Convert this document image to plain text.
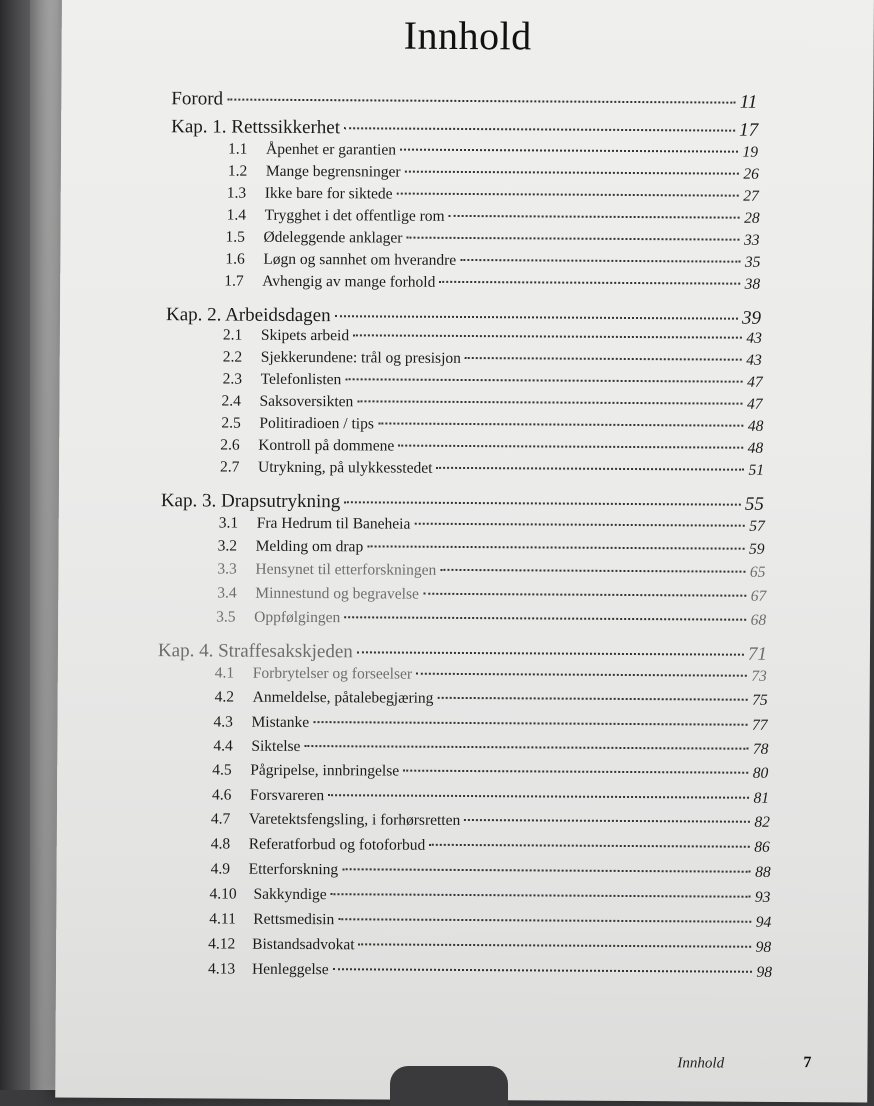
Innhold
Forord	11
Kap. 1. Rettssikkerhet	17
1.1	Åpenhet er garantien	19
1.2	Mange begrensninger	26
1.3	Ikke bare for siktede	27
1.4	Trygghet i det offentlige rom	28
1.5	Ødeleggende anklager	33
1.6	Løgn og sannhet om hverandre	35
1.7	Avhengig av mange forhold	38
Kap. 2. Arbeidsdagen	39
2.1	Skipets arbeid	43
2.2	Sjekkerundene: trål og presisjon	43
2.3	Telefonlisten	47
2.4	Saksoversikten	47
2.5	Politiradioen / tips	48
2.6	Kontroll på dommene	48
2.7	Utrykning, på ulykkesstedet	51
Kap. 3. Drapsutrykning	55
3.1	Fra Hedrum til Baneheia	57
3.2	Melding om drap	59
3.3	Hensynet til etterforskningen	65
3.4	Minnestund og begravelse	67
3.5	Oppfølgingen	68
Kap. 4. Straffesakskjeden	71
4.1	Forbrytelser og forseelser	73
4.2	Anmeldelse, påtalebegjæring	75
4.3	Mistanke	77
4.4	Siktelse	78
4.5	Pågripelse, innbringelse	80
4.6	Forsvareren	81
4.7	Varetektsfengsling, i forhørsretten	82
4.8	Referatforbud og fotoforbud	86
4.9	Etterforskning	88
4.10	Sakkyndige	93
4.11	Rettsmedisin	94
4.12	Bistandsadvokat	98
4.13	Henleggelse	98
Innhold	7
